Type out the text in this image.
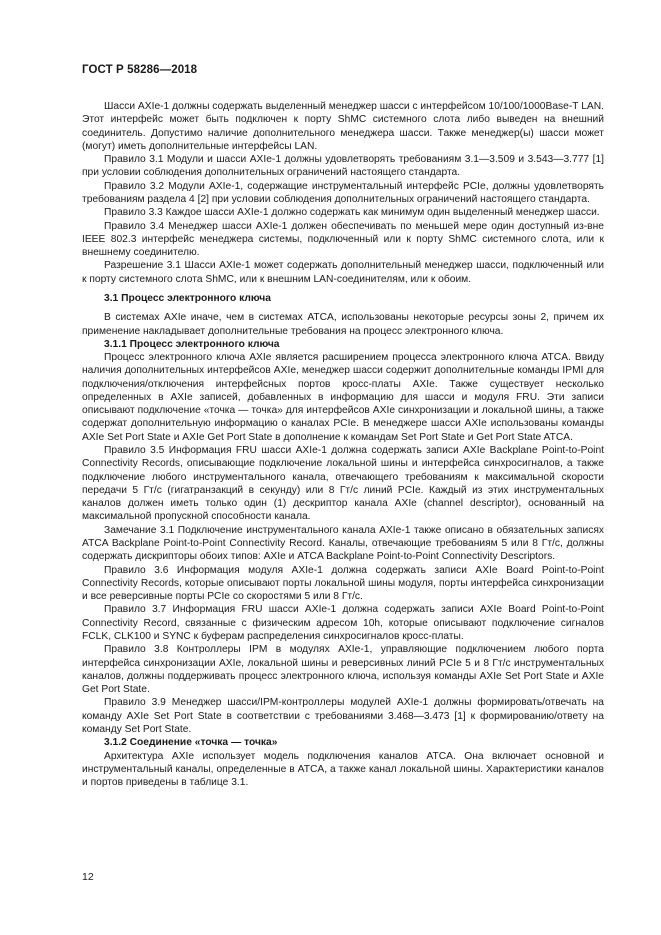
ГОСТ Р 58286—2018

Шасси AXIe-1 должны содержать выделенный менеджер шасси с интерфейсом 10/100/1000Base-T LAN. Этот интерфейс может быть подключен к порту ShMC системного слота либо выведен на внешний соединитель. Допустимо наличие дополнительного менеджера шасси. Также менеджер(ы) шасси может (могут) иметь дополнительные интерфейсы LAN.

Правило 3.1 Модули и шасси AXIe-1 должны удовлетворять требованиям 3.1—3.509 и 3.543—3.777 [1] при условии соблюдения дополнительных ограничений настоящего стандарта.

Правило 3.2 Модули AXIe-1, содержащие инструментальный интерфейс PCIe, должны удовлетворять требованиям раздела 4 [2] при условии соблюдения дополнительных ограничений настоящего стандарта.

Правило 3.3 Каждое шасси AXIe-1 должно содержать как минимум один выделенный менеджер шасси.

Правило 3.4 Менеджер шасси AXIe-1 должен обеспечивать по меньшей мере один доступный из-вне IEEE 802.3 интерфейс менеджера системы, подключенный или к порту ShMC системного слота, или к внешнему соединителю.

Разрешение 3.1 Шасси AXIe-1 может содержать дополнительный менеджер шасси, подключенный или к порту системного слота ShMC, или к внешним LAN-соединителям, или к обоим.

3.1 Процесс электронного ключа

В системах AXIe иначе, чем в системах ATCA, использованы некоторые ресурсы зоны 2, причем их применение накладывает дополнительные требования на процесс электронного ключа.

3.1.1 Процесс электронного ключа

Процесс электронного ключа AXIe является расширением процесса электронного ключа ATCA. Ввиду наличия дополнительных интерфейсов AXIe, менеджер шасси содержит дополнительные команды IPMI для подключения/отключения интерфейсных портов кросс-платы AXIe. Также существует несколько определенных в AXIe записей, добавленных в информацию для шасси и модуля FRU. Эти записи описывают подключение «точка — точка» для интерфейсов AXIe синхронизации и локальной шины, а также содержат дополнительную информацию о каналах PCIe. В менеджере шасси AXIe использованы команды AXIe Set Port State и AXIe Get Port State в дополнение к командам Set Port State и Get Port State ATCA.

Правило 3.5 Информация FRU шасси AXIe-1 должна содержать записи AXIe Backplane Point-to-Point Connectivity Records, описывающие подключение локальной шины и интерфейса синхросигналов, а также подключение любого инструментального канала, отвечающего требованиям к максимальной скорости передачи 5 Гт/с (гигатранзакций в секунду) или 8 Гт/с линий PCIe. Каждый из этих инструментальных каналов должен иметь только один (1) дескриптор канала AXIe (channel descriptor), основанный на максимальной пропускной способности канала.

Замечание 3.1 Подключение инструментального канала AXIe-1 также описано в обязательных записях ATCA Backplane Point-to-Point Connectivity Record. Каналы, отвечающие требованиям 5 или 8 Гт/с, должны содержать дискрипторы обоих типов: AXIe и ATCA Backplane Point-to-Point Connectivity Descriptors.

Правило 3.6 Информация модуля AXIe-1 должна содержать записи AXIe Board Point-to-Point Connectivity Records, которые описывают порты локальной шины модуля, порты интерфейса синхронизации и все реверсивные порты PCIe со скоростями 5 или 8 Гт/с.

Правило 3.7 Информация FRU шасси AXIe-1 должна содержать записи AXIe Board Point-to-Point Connectivity Record, связанные с физическим адресом 10h, которые описывают подключение сигналов FCLK, CLK100 и SYNC к буферам распределения синхросигналов кросс-платы.

Правило 3.8 Контроллеры IPM в модулях AXIe-1, управляющие подключением любого порта интерфейса синхронизации AXIe, локальной шины и реверсивных линий PCIe 5 и 8 Гт/с инструментальных каналов, должны поддерживать процесс электронного ключа, используя команды AXIe Set Port State и AXIe Get Port State.

Правило 3.9 Менеджер шасси/IPM-контроллеры модулей AXIe-1 должны формировать/отвечать на команду AXIe Set Port State в соответствии с требованиями 3.468—3.473 [1] к формированию/ответу на команду Set Port State.

3.1.2 Соединение «точка — точка»

Архитектура AXIe использует модель подключения каналов ATCA. Она включает основной и инструментальный каналы, определенные в ATCA, а также канал локальной шины. Характеристики каналов и портов приведены в таблице 3.1.

12
